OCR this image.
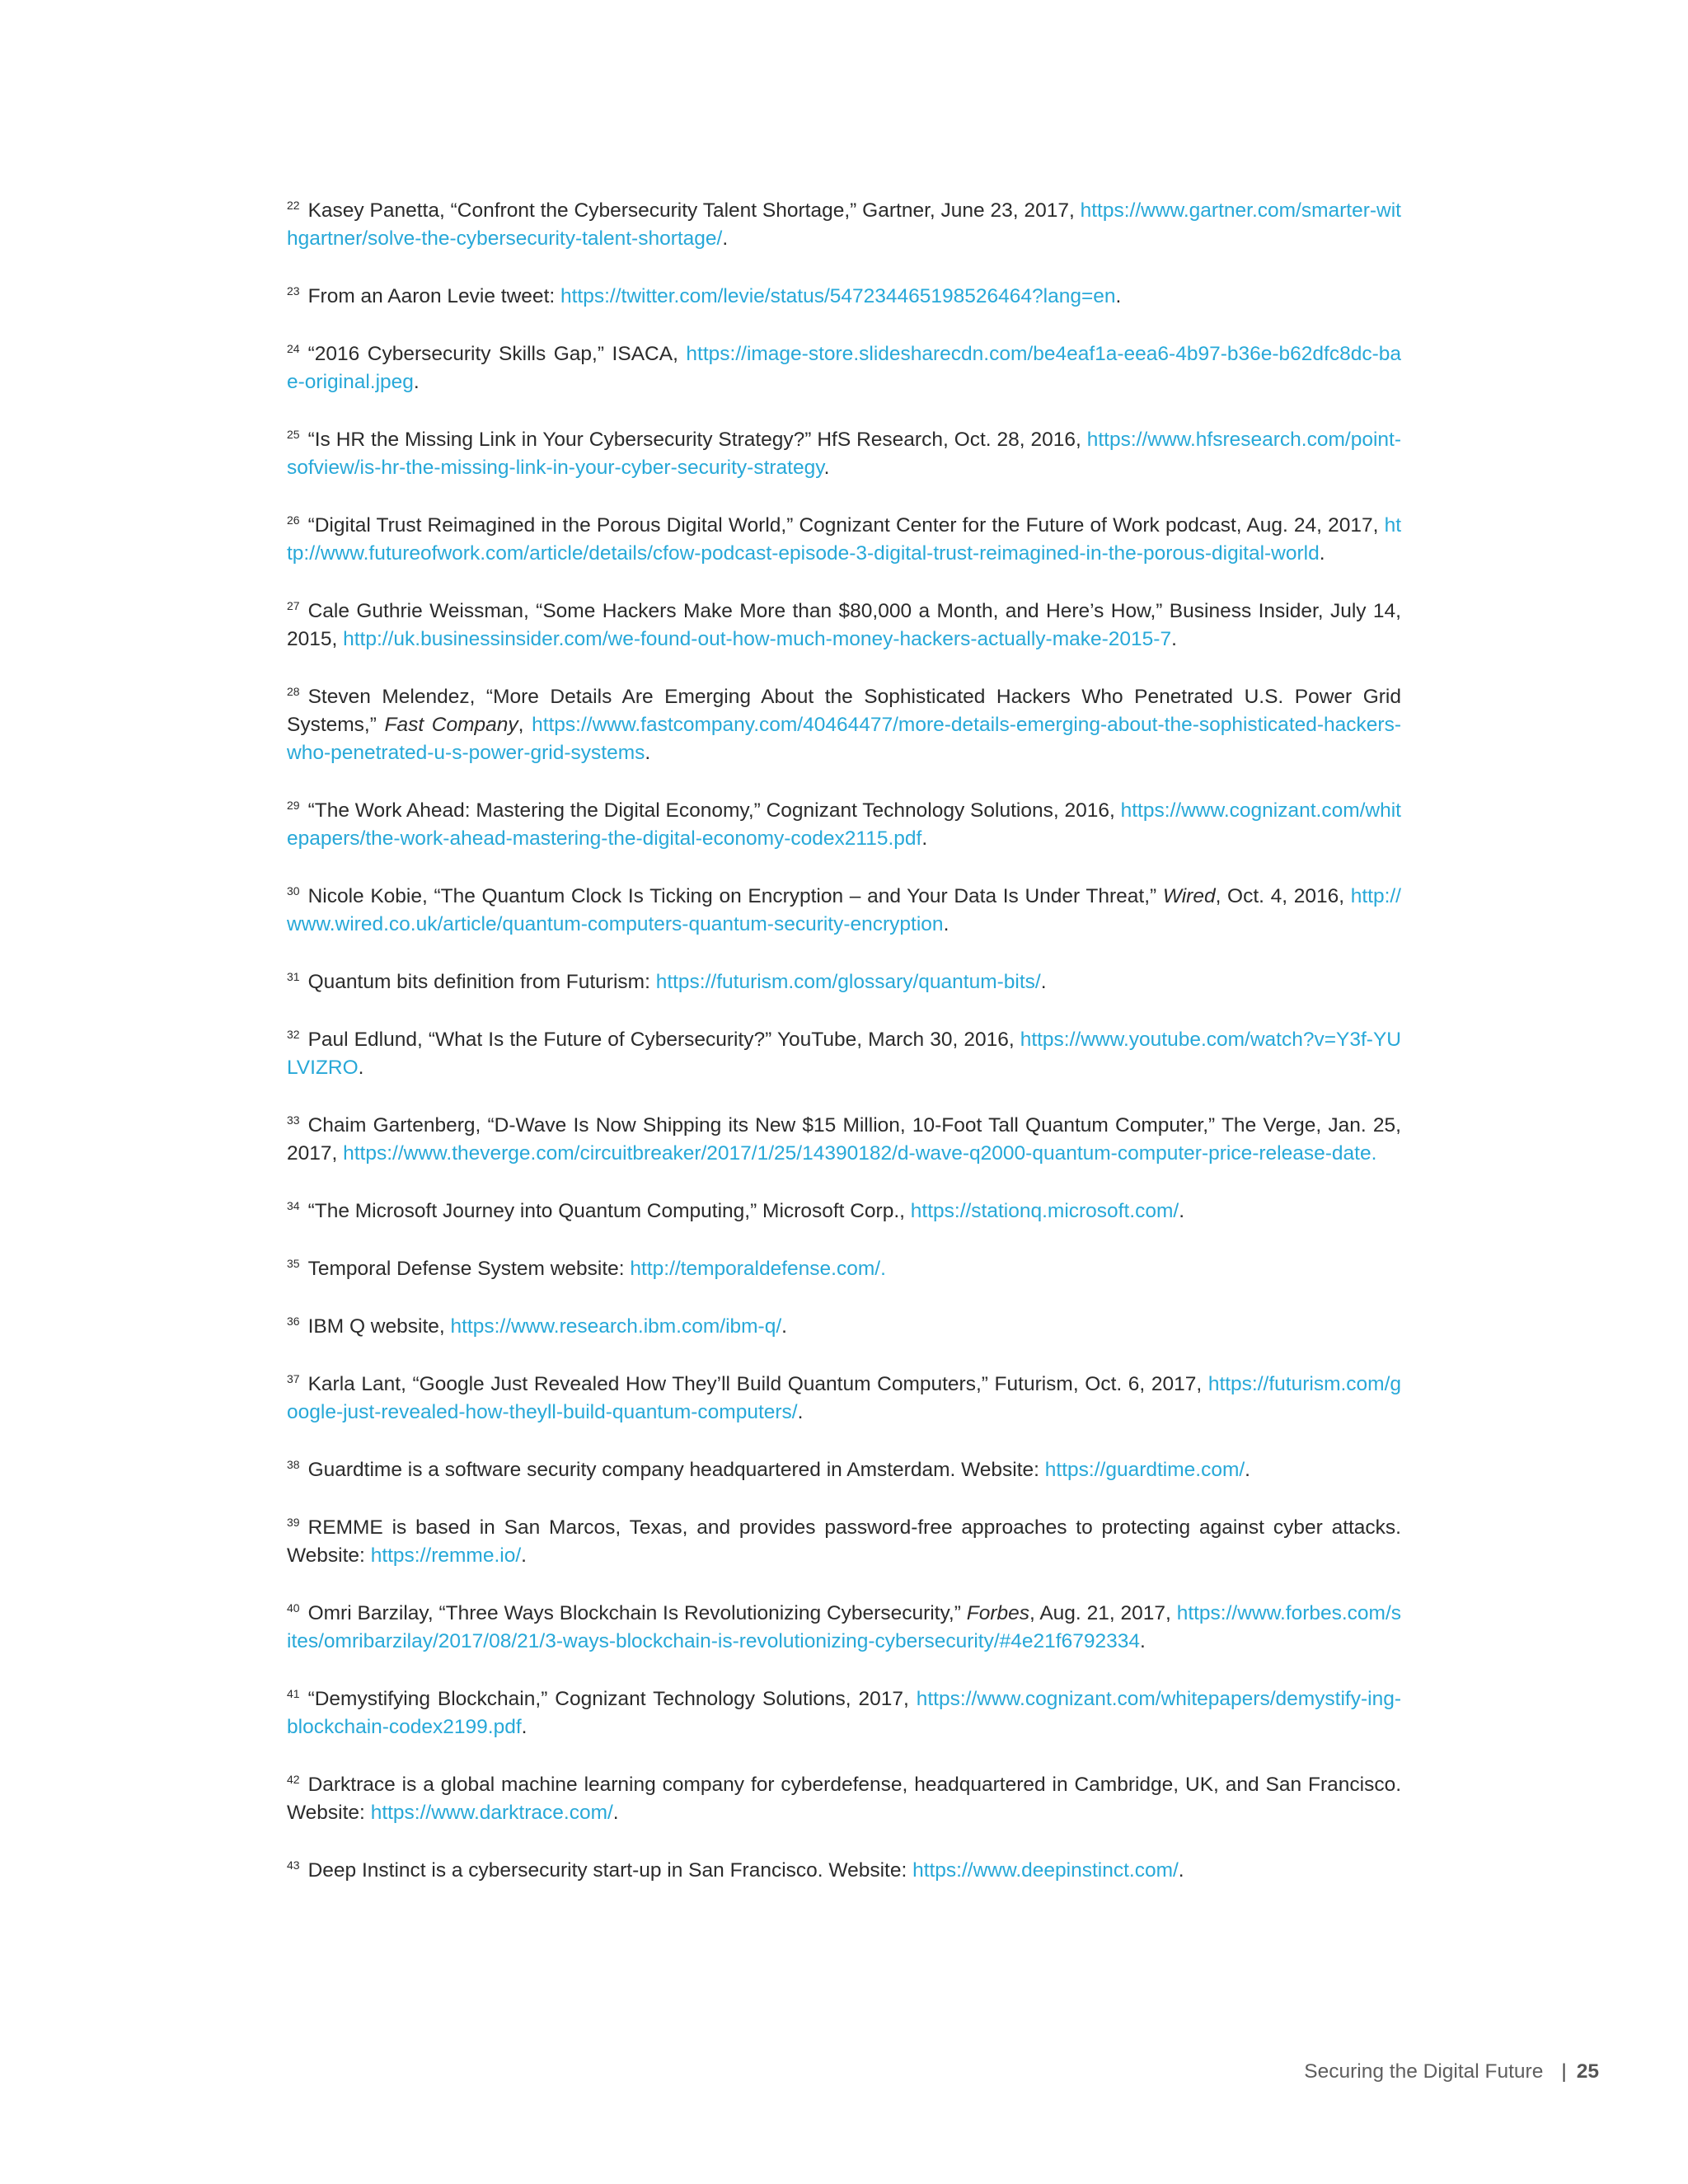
$^{22}$ Kasey Panetta, “Confront the Cybersecurity Talent Shortage,” Gartner, June 23, 2017, https://www.gartner.com/smarter-withgartner/solve-the-cybersecurity-talent-shortage/.
$^{23}$ From an Aaron Levie tweet: https://twitter.com/levie/status/547234465198526464?lang=en.
$^{24}$ “2016 Cybersecurity Skills Gap,” ISACA, https://image-store.slidesharecdn.com/be4eaf1a-eea6-4b97-b36e-b62dfc8dc-bae-original.jpeg.
$^{25}$ “Is HR the Missing Link in Your Cybersecurity Strategy?” HfS Research, Oct. 28, 2016, https://www.hfsresearch.com/point-sofview/is-hr-the-missing-link-in-your-cyber-security-strategy.
$^{26}$ “Digital Trust Reimagined in the Porous Digital World,” Cognizant Center for the Future of Work podcast, Aug. 24, 2017, http://www.futureofwork.com/article/details/cfow-podcast-episode-3-digital-trust-reimagined-in-the-porous-digital-world.
$^{27}$ Cale Guthrie Weissman, “Some Hackers Make More than $80,000 a Month, and Here’s How,” Business Insider, July 14, 2015, http://uk.businessinsider.com/we-found-out-how-much-money-hackers-actually-make-2015-7.
$^{28}$ Steven Melendez, “More Details Are Emerging About the Sophisticated Hackers Who Penetrated U.S. Power Grid Systems,” Fast Company, https://www.fastcompany.com/40464477/more-details-emerging-about-the-sophisticated-hackers-who-penetrated-u-s-power-grid-systems.
$^{29}$ “The Work Ahead: Mastering the Digital Economy,” Cognizant Technology Solutions, 2016, https://www.cognizant.com/whitepapers/the-work-ahead-mastering-the-digital-economy-codex2115.pdf.
$^{30}$ Nicole Kobie, “The Quantum Clock Is Ticking on Encryption – and Your Data Is Under Threat,” Wired, Oct. 4, 2016, http://www.wired.co.uk/article/quantum-computers-quantum-security-encryption.
$^{31}$ Quantum bits definition from Futurism: https://futurism.com/glossary/quantum-bits/.
$^{32}$ Paul Edlund, “What Is the Future of Cybersecurity?” YouTube, March 30, 2016, https://www.youtube.com/watch?v=Y3f-YULVIZRO.
$^{33}$ Chaim Gartenberg, “D-Wave Is Now Shipping its New $15 Million, 10-Foot Tall Quantum Computer,” The Verge, Jan. 25, 2017, https://www.theverge.com/circuitbreaker/2017/1/25/14390182/d-wave-q2000-quantum-computer-price-release-date.
$^{34}$ “The Microsoft Journey into Quantum Computing,” Microsoft Corp., https://stationq.microsoft.com/.
$^{35}$ Temporal Defense System website: http://temporaldefense.com/.
$^{36}$ IBM Q website, https://www.research.ibm.com/ibm-q/.
$^{37}$ Karla Lant, “Google Just Revealed How They’ll Build Quantum Computers,” Futurism, Oct. 6, 2017, https://futurism.com/google-just-revealed-how-theyll-build-quantum-computers/.
$^{38}$ Guardtime is a software security company headquartered in Amsterdam. Website: https://guardtime.com/.
$^{39}$ REMME is based in San Marcos, Texas, and provides password-free approaches to protecting against cyber attacks. Website: https://remme.io/.
$^{40}$ Omri Barzilay, “Three Ways Blockchain Is Revolutionizing Cybersecurity,” Forbes, Aug. 21, 2017, https://www.forbes.com/sites/omribarzilay/2017/08/21/3-ways-blockchain-is-revolutionizing-cybersecurity/#4e21f6792334.
$^{41}$ “Demystifying Blockchain,” Cognizant Technology Solutions, 2017, https://www.cognizant.com/whitepapers/demystify-ing-blockchain-codex2199.pdf.
$^{42}$ Darktrace is a global machine learning company for cyberdefense, headquartered in Cambridge, UK, and San Francisco. Website: https://www.darktrace.com/.
$^{43}$ Deep Instinct is a cybersecurity start-up in San Francisco. Website: https://www.deepinstinct.com/.
Securing the Digital Future | 25
